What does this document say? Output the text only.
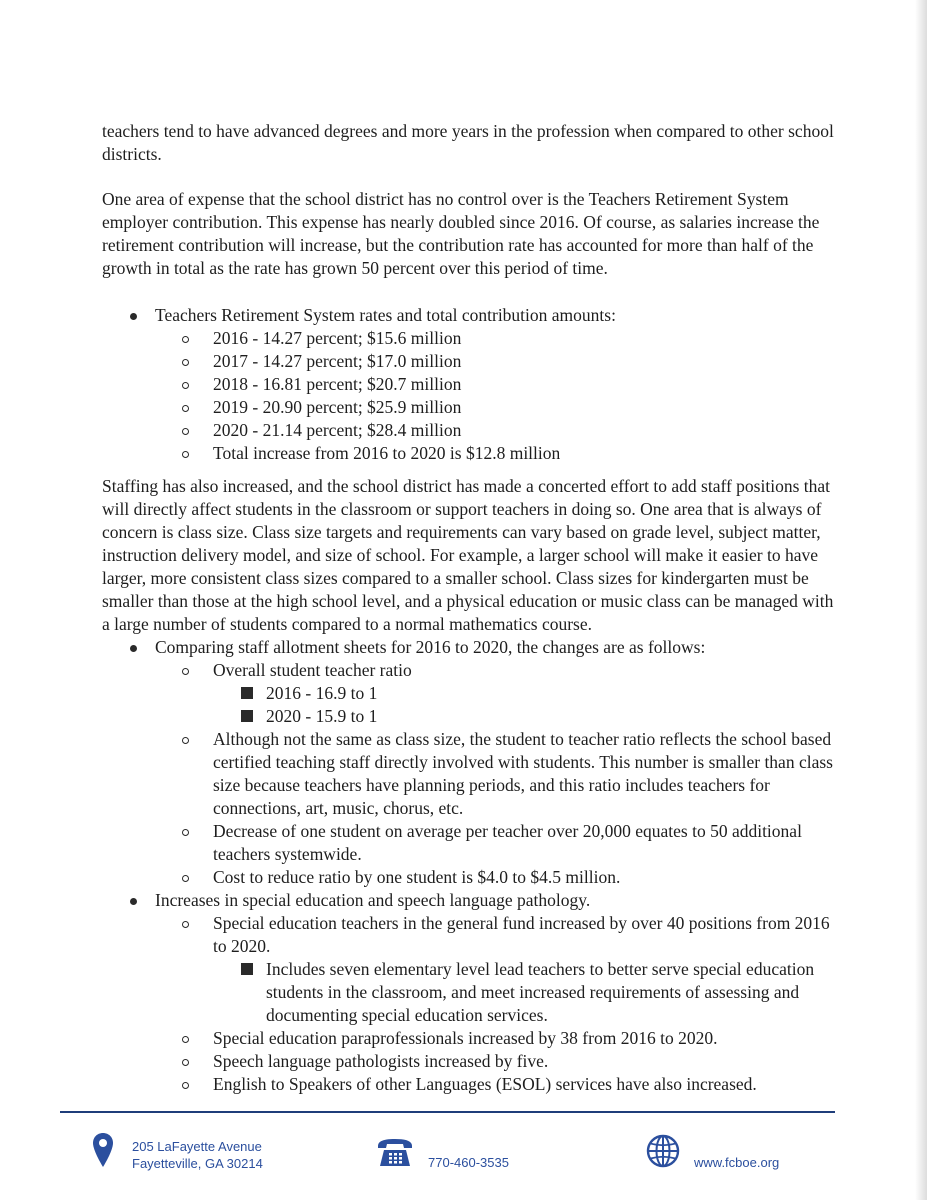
teachers tend to have advanced degrees and more years in the profession when compared to other school districts.

One area of expense that the school district has no control over is the Teachers Retirement System employer contribution. This expense has nearly doubled since 2016. Of course, as salaries increase the retirement contribution will increase, but the contribution rate has accounted for more than half of the growth in total as the rate has grown 50 percent over this period of time.

Teachers Retirement System rates and total contribution amounts:
2016 - 14.27 percent; $15.6 million
2017 - 14.27 percent; $17.0 million
2018 - 16.81 percent; $20.7 million
2019 - 20.90 percent; $25.9 million
2020 - 21.14 percent; $28.4 million
Total increase from 2016 to 2020 is $12.8 million

Staffing has also increased, and the school district has made a concerted effort to add staff positions that will directly affect students in the classroom or support teachers in doing so. One area that is always of concern is class size. Class size targets and requirements can vary based on grade level, subject matter, instruction delivery model, and size of school. For example, a larger school will make it easier to have larger, more consistent class sizes compared to a smaller school. Class sizes for kindergarten must be smaller than those at the high school level, and a physical education or music class can be managed with a large number of students compared to a normal mathematics course.

Comparing staff allotment sheets for 2016 to 2020, the changes are as follows:
Overall student teacher ratio
2016 - 16.9 to 1
2020 - 15.9 to 1
Although not the same as class size, the student to teacher ratio reflects the school based certified teaching staff directly involved with students. This number is smaller than class size because teachers have planning periods, and this ratio includes teachers for connections, art, music, chorus, etc.
Decrease of one student on average per teacher over 20,000 equates to 50 additional teachers systemwide.
Cost to reduce ratio by one student is $4.0 to $4.5 million.
Increases in special education and speech language pathology.
Special education teachers in the general fund increased by over 40 positions from 2016 to 2020.
Includes seven elementary level lead teachers to better serve special education students in the classroom, and meet increased requirements of assessing and documenting special education services.
Special education paraprofessionals increased by 38 from 2016 to 2020.
Speech language pathologists increased by five.
English to Speakers of other Languages (ESOL) services have also increased.
205 LaFayette Avenue
Fayetteville, GA 30214	770-460-3535	www.fcboe.org
